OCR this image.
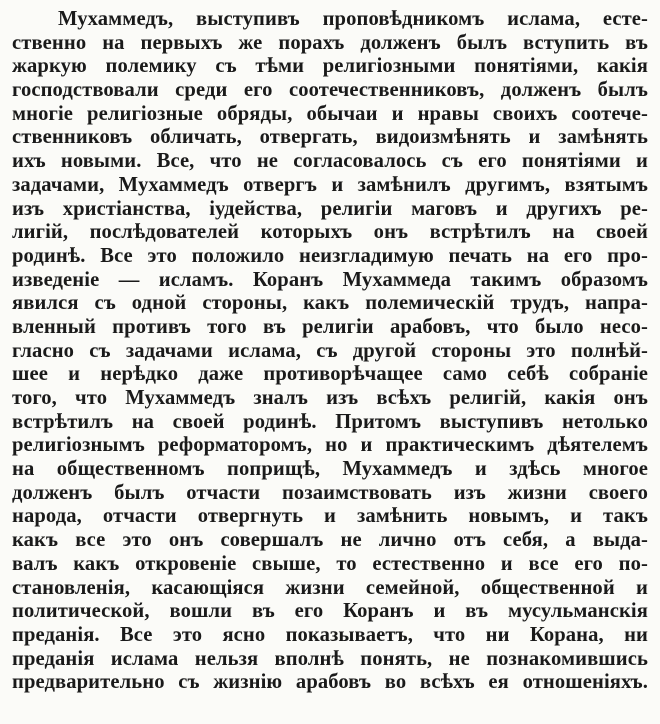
Мухаммедъ, выступивъ проповѣдникомъ ислама, есте-
ственно на первыхъ же порахъ долженъ былъ вступить въ
жаркую полемику съ тѣми религіозными понятіями, какія
господствовали среди его соотечественниковъ, долженъ былъ
многіе религіозные обряды, обычаи и нравы своихъ соотече-
ственниковъ обличать, отвергать, видоизмѣнять и замѣнять
ихъ новыми. Все, что не согласовалось съ его понятіями и
задачами, Мухаммедъ отвергъ и замѣнилъ другимъ, взятымъ
изъ христіанства, іудейства, религіи маговъ и другихъ ре-
лигій, послѣдователей которыхъ онъ встрѣтилъ на своей
родинѣ. Все это положило неизгладимую печать на его про-
изведеніе — исламъ. Коранъ Мухаммеда такимъ образомъ
явился съ одной стороны, какъ полемическій трудъ, напра-
вленный противъ того въ религіи арабовъ, что было несо-
гласно съ задачами ислама, съ другой стороны это полнѣй-
шее и нерѣдко даже противорѣчащее само себѣ собраніе
того, что Мухаммедъ зналъ изъ всѣхъ религій, какія онъ
встрѣтилъ на своей родинѣ. Притомъ выступивъ нетолько
религіознымъ реформаторомъ, но и практическимъ дѣятелемъ
на общественномъ поприщѣ, Мухаммедъ и здѣсь многое
долженъ былъ отчасти позаимствовать изъ жизни своего
народа, отчасти отвергнуть и замѣнить новымъ, и такъ
какъ все это онъ совершалъ не лично отъ себя, а выда-
валъ какъ откровеніе свыше, то естественно и все его по-
становленія, касающіяся жизни семейной, общественной и
политической, вошли въ его Коранъ и въ мусульманскія
преданія. Все это ясно показываетъ, что ни Корана, ни
преданія ислама нельзя вполнѣ понять, не познакомившись
предварительно съ жизнію арабовъ во всѣхъ ея отношеніяхъ.
